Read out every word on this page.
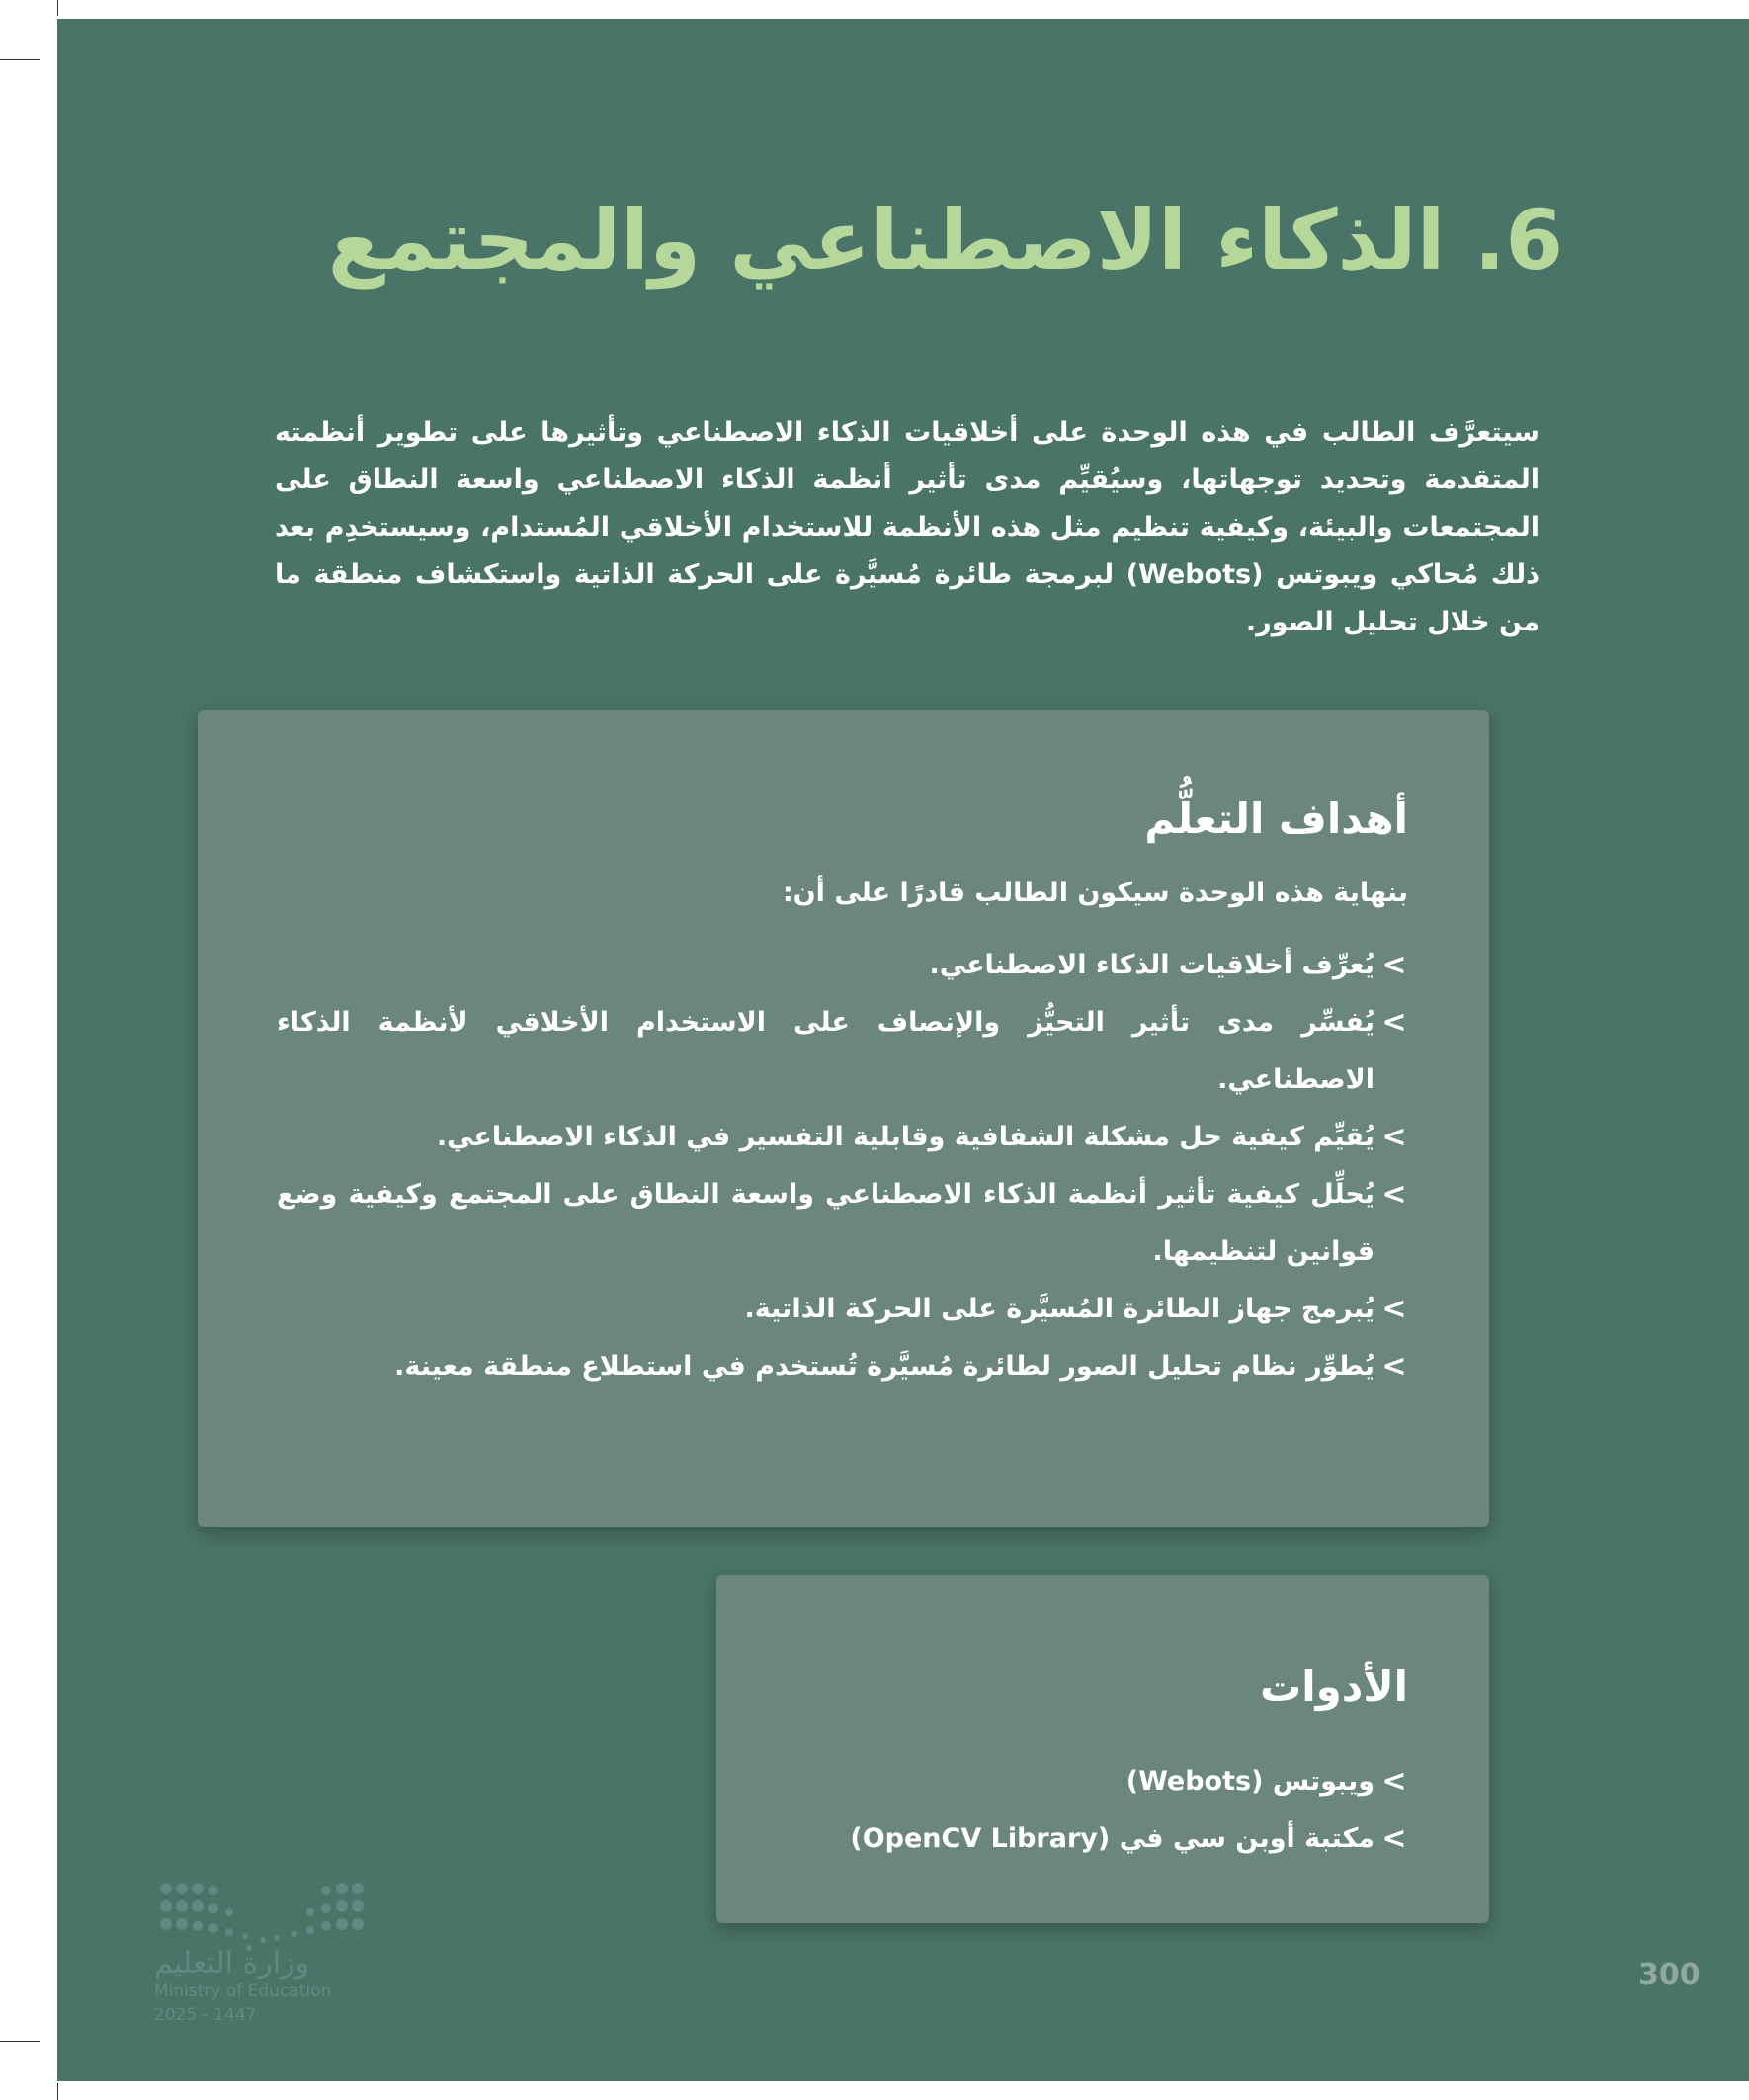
6. الذكاء الاصطناعي والمجتمع

سيتعرَّف الطالب في هذه الوحدة على أخلاقيات الذكاء الاصطناعي وتأثيرها على تطوير أنظمته المتقدمة وتحديد توجهاتها، وسيُقيِّم مدى تأثير أنظمة الذكاء الاصطناعي واسعة النطاق على المجتمعات والبيئة، وكيفية تنظيم مثل هذه الأنظمة للاستخدام الأخلاقي المُستدام، وسيستخدِم بعد ذلك مُحاكي ويبوتس (Webots) لبرمجة طائرة مُسيَّرة على الحركة الذاتية واستكشاف منطقة ما من خلال تحليل الصور.

أهداف التعلُّم
بنهاية هذه الوحدة سيكون الطالب قادرًا على أن:
>
يُعرِّف أخلاقيات الذكاء الاصطناعي.
>
يُفسِّر مدى تأثير التحيُّز والإنصاف على الاستخدام الأخلاقي لأنظمة الذكاء الاصطناعي.
>
يُقيِّم كيفية حل مشكلة الشفافية وقابلية التفسير في الذكاء الاصطناعي.
>
يُحلِّل كيفية تأثير أنظمة الذكاء الاصطناعي واسعة النطاق على المجتمع وكيفية وضع قوانين لتنظيمها.
>
يُبرمج جهاز الطائرة المُسيَّرة على الحركة الذاتية.
>
يُطوِّر نظام تحليل الصور لطائرة مُسيَّرة تُستخدم في استطلاع منطقة معينة.
الأدوات
>
ويبوتس (Webots)
>
مكتبة أوبن سي في (OpenCV Library)
وزارة التعليم
Ministry of Education
2025 - 1447
300
